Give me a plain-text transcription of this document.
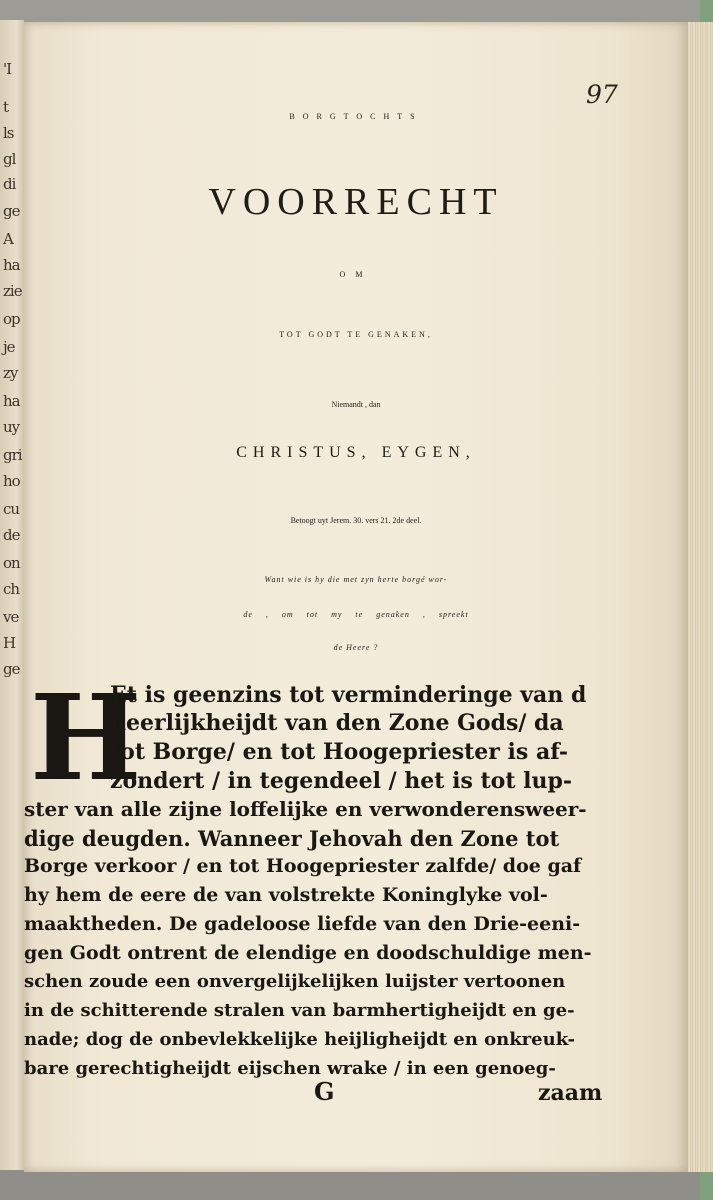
'I
t
ls
gl
di
ge
A
ha
zie
op
je
zy
ha
uy
gri
ho
cu
de
on
ch
ve
H
ge
97
BORGTOCHTS
VOORRECHT
OM
TOT GODT TE GENAKEN,
Niemandt , dan
CHRISTUS, EYGEN,
Betoogt uyt Jerem. 30. vers 21. 2de deel.
Want wie is hy die met zyn herte borgé wor-
de , om tot my te genaken , spreekt
de Heere ?
H
Et is geenzins tot verminderinge van d
heerlijkheijdt van den Zone Gods/ da
tot Borge/ en tot Hoogepriester is af-
zondert / in tegendeel / het is tot lup-
ster van alle zijne loffelijke en verwonderensweer-
dige deugden. Wanneer Jehovah den Zone tot
Borge verkoor / en tot Hoogepriester zalfde/ doe gaf
hy hem de eere de van volstrekte Koninglyke vol-
maaktheden. De gadeloose liefde van den Drie-eeni-
gen Godt ontrent de elendige en doodschuldige men-
schen zoude een onvergelijkelijken luijster vertoonen
in de schitterende stralen van barmhertigheijdt en ge-
nade; dog de onbevlekkelijke heijligheijdt en onkreuk-
bare gerechtigheijdt eijschen wrake / in een genoeg-
G	zaam
